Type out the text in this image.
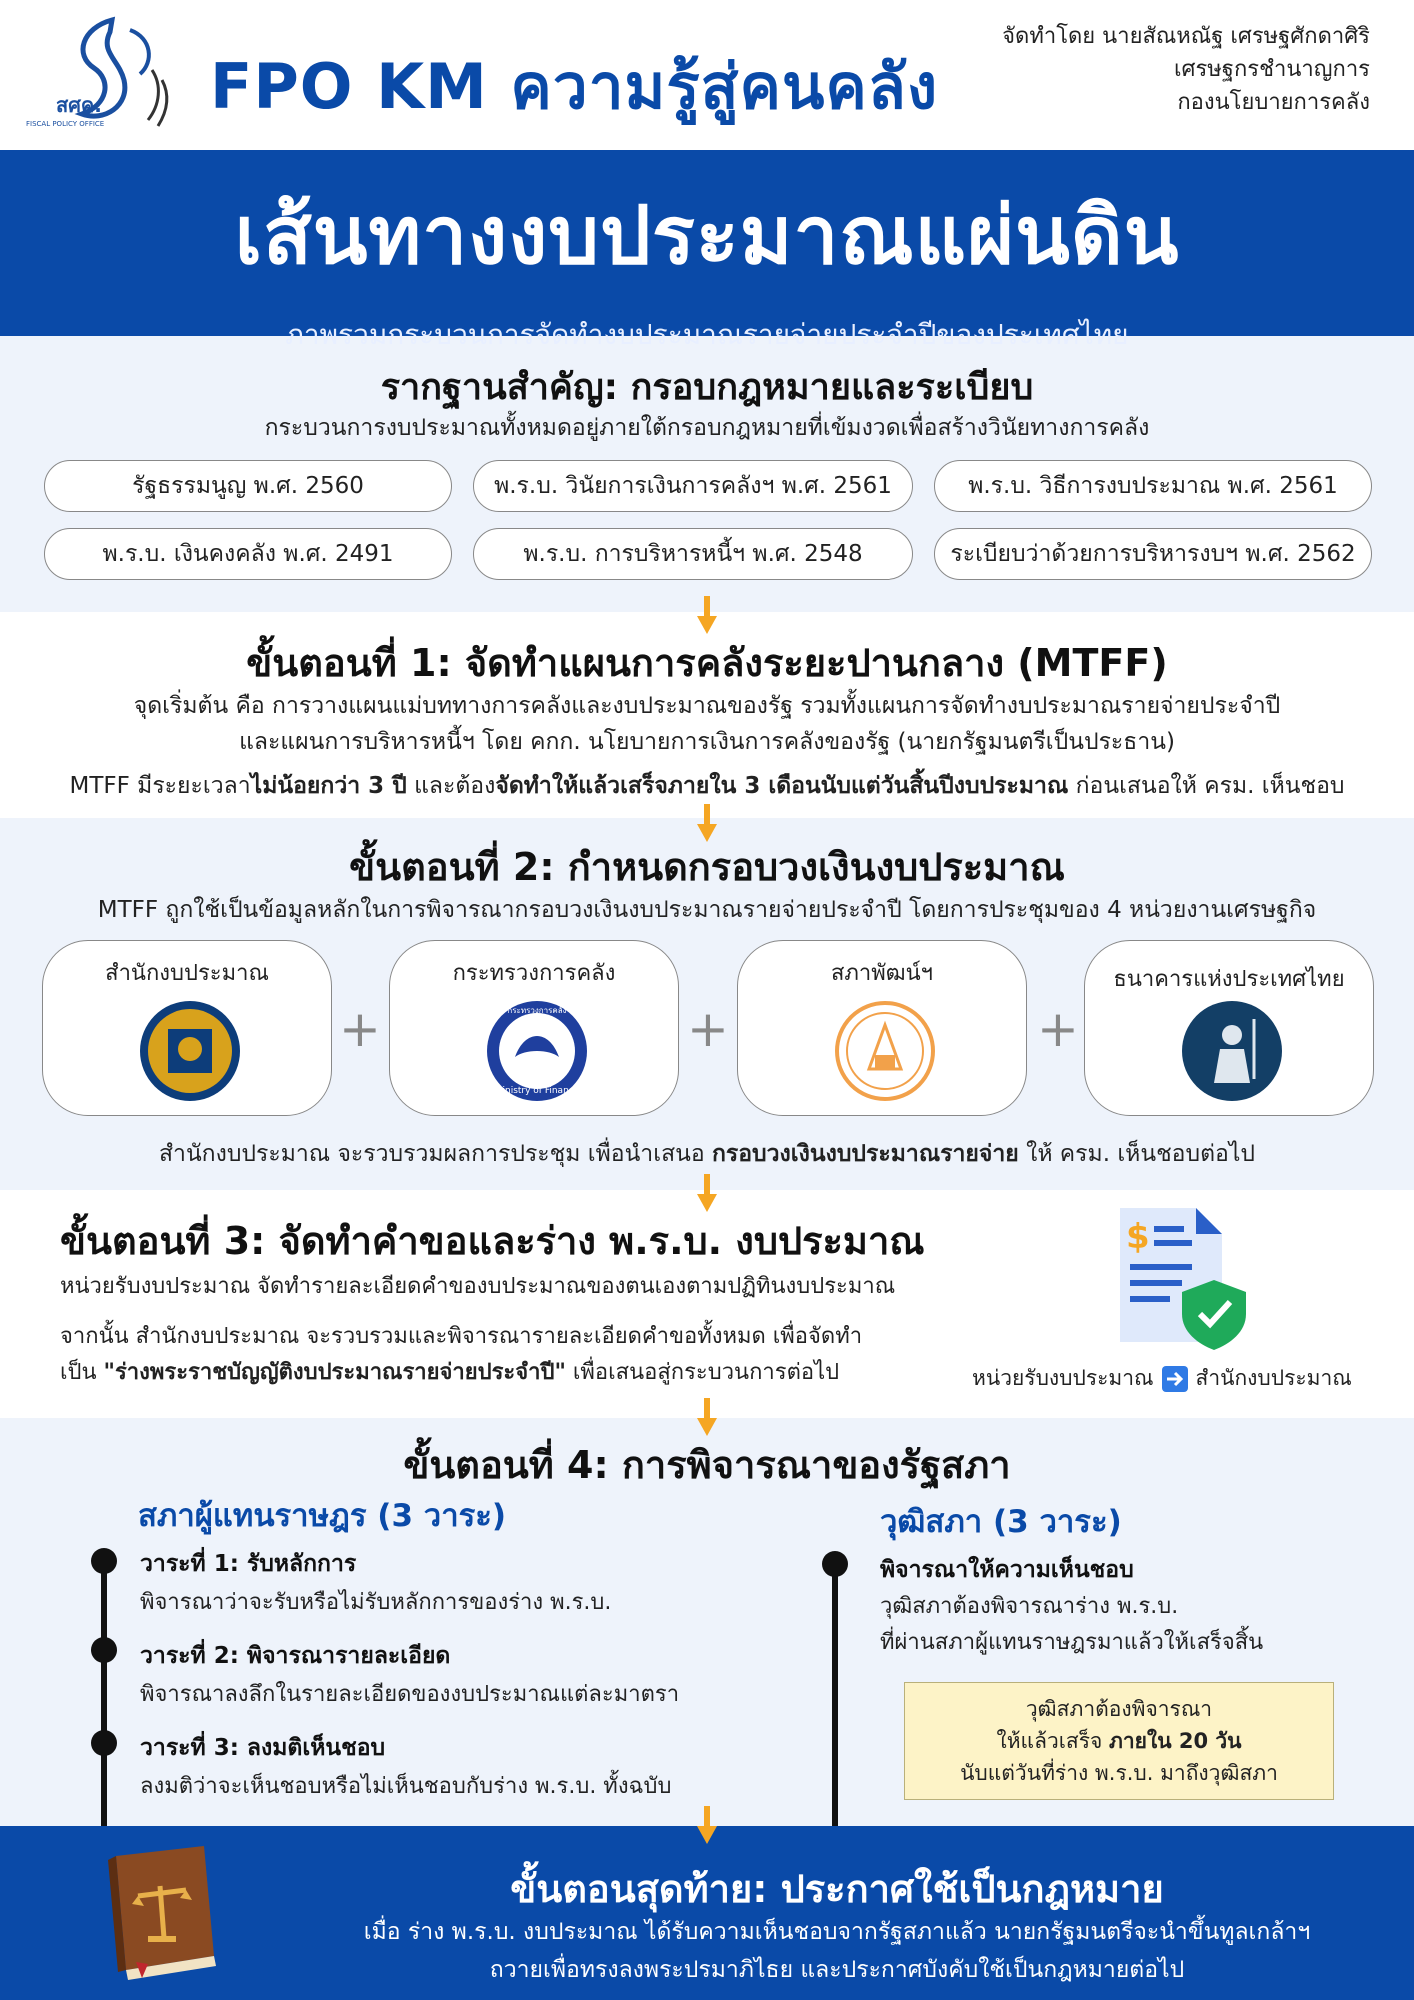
สศค.
FISCAL POLICY OFFICE
FPO KM ความรู้สู่คนคลัง
จัดทำโดย นายสัณหณัฐ เศรษฐศักดาศิริ
เศรษฐกรชำนาญการ
กองนโยบายการคลัง
เส้นทางงบประมาณแผ่นดิน
ภาพรวมกระบวนการจัดทำงบประมาณรายจ่ายประจำปีของประเทศไทย
รากฐานสำคัญ: กรอบกฎหมายและระเบียบ
กระบวนการงบประมาณทั้งหมดอยู่ภายใต้กรอบกฎหมายที่เข้มงวดเพื่อสร้างวินัยทางการคลัง
รัฐธรรมนูญ พ.ศ. 2560	พ.ร.บ. วินัยการเงินการคลังฯ พ.ศ. 2561	พ.ร.บ. วิธีการงบประมาณ พ.ศ. 2561
พ.ร.บ. เงินคงคลัง พ.ศ. 2491	พ.ร.บ. การบริหารหนี้ฯ พ.ศ. 2548	ระเบียบว่าด้วยการบริหารงบฯ พ.ศ. 2562
ขั้นตอนที่ 1: จัดทำแผนการคลังระยะปานกลาง (MTFF)
จุดเริ่มต้น คือ การวางแผนแม่บททางการคลังและงบประมาณของรัฐ รวมทั้งแผนการจัดทำงบประมาณรายจ่ายประจำปี
และแผนการบริหารหนี้ฯ โดย คกก. นโยบายการเงินการคลังของรัฐ (นายกรัฐมนตรีเป็นประธาน)
MTFF มีระยะเวลาไม่น้อยกว่า 3 ปี และต้องจัดทำให้แล้วเสร็จภายใน 3 เดือนนับแต่วันสิ้นปีงบประมาณ ก่อนเสนอให้ ครม. เห็นชอบ
ขั้นตอนที่ 2: กำหนดกรอบวงเงินงบประมาณ
MTFF ถูกใช้เป็นข้อมูลหลักในการพิจารณากรอบวงเงินงบประมาณรายจ่ายประจำปี โดยการประชุมของ 4 หน่วยงานเศรษฐกิจ
สำนักงบประมาณ
+
กระทรวงการคลัง
Ministry of Finance
กระทรวงการคลัง +
สภาพัฒน์ฯ
+
ธนาคารแห่งประเทศไทย
สำนักงบประมาณ จะรวบรวมผลการประชุม เพื่อนำเสนอ กรอบวงเงินงบประมาณรายจ่าย ให้ ครม. เห็นชอบต่อไป
ขั้นตอนที่ 3: จัดทำคำขอและร่าง พ.ร.บ. งบประมาณ
หน่วยรับงบประมาณ จัดทำรายละเอียดคำของบประมาณของตนเองตามปฏิทินงบประมาณ
จากนั้น สำนักงบประมาณ จะรวบรวมและพิจารณารายละเอียดคำขอทั้งหมด เพื่อจัดทำ
เป็น "ร่างพระราชบัญญัติงบประมาณรายจ่ายประจำปี" เพื่อเสนอสู่กระบวนการต่อไป
$
หน่วยรับงบประมาณ สำนักงบประมาณ
ขั้นตอนที่ 4: การพิจารณาของรัฐสภา
สภาผู้แทนราษฎร (3 วาระ)
วาระที่ 1: รับหลักการ
พิจารณาว่าจะรับหรือไม่รับหลักการของร่าง พ.ร.บ.
วาระที่ 2: พิจารณารายละเอียด
พิจารณาลงลึกในรายละเอียดของงบประมาณแต่ละมาตรา
วาระที่ 3: ลงมติเห็นชอบ
ลงมติว่าจะเห็นชอบหรือไม่เห็นชอบกับร่าง พ.ร.บ. ทั้งฉบับ
วุฒิสภา (3 วาระ)
พิจารณาให้ความเห็นชอบ
วุฒิสภาต้องพิจารณาร่าง พ.ร.บ.
ที่ผ่านสภาผู้แทนราษฎรมาแล้วให้เสร็จสิ้น
วุฒิสภาต้องพิจารณา
ให้แล้วเสร็จ ภายใน 20 วัน
นับแต่วันที่ร่าง พ.ร.บ. มาถึงวุฒิสภา
ขั้นตอนสุดท้าย: ประกาศใช้เป็นกฎหมาย
เมื่อ ร่าง พ.ร.บ. งบประมาณ ได้รับความเห็นชอบจากรัฐสภาแล้ว นายกรัฐมนตรีจะนำขึ้นทูลเกล้าฯ
ถวายเพื่อทรงลงพระปรมาภิไธย และประกาศบังคับใช้เป็นกฎหมายต่อไป
